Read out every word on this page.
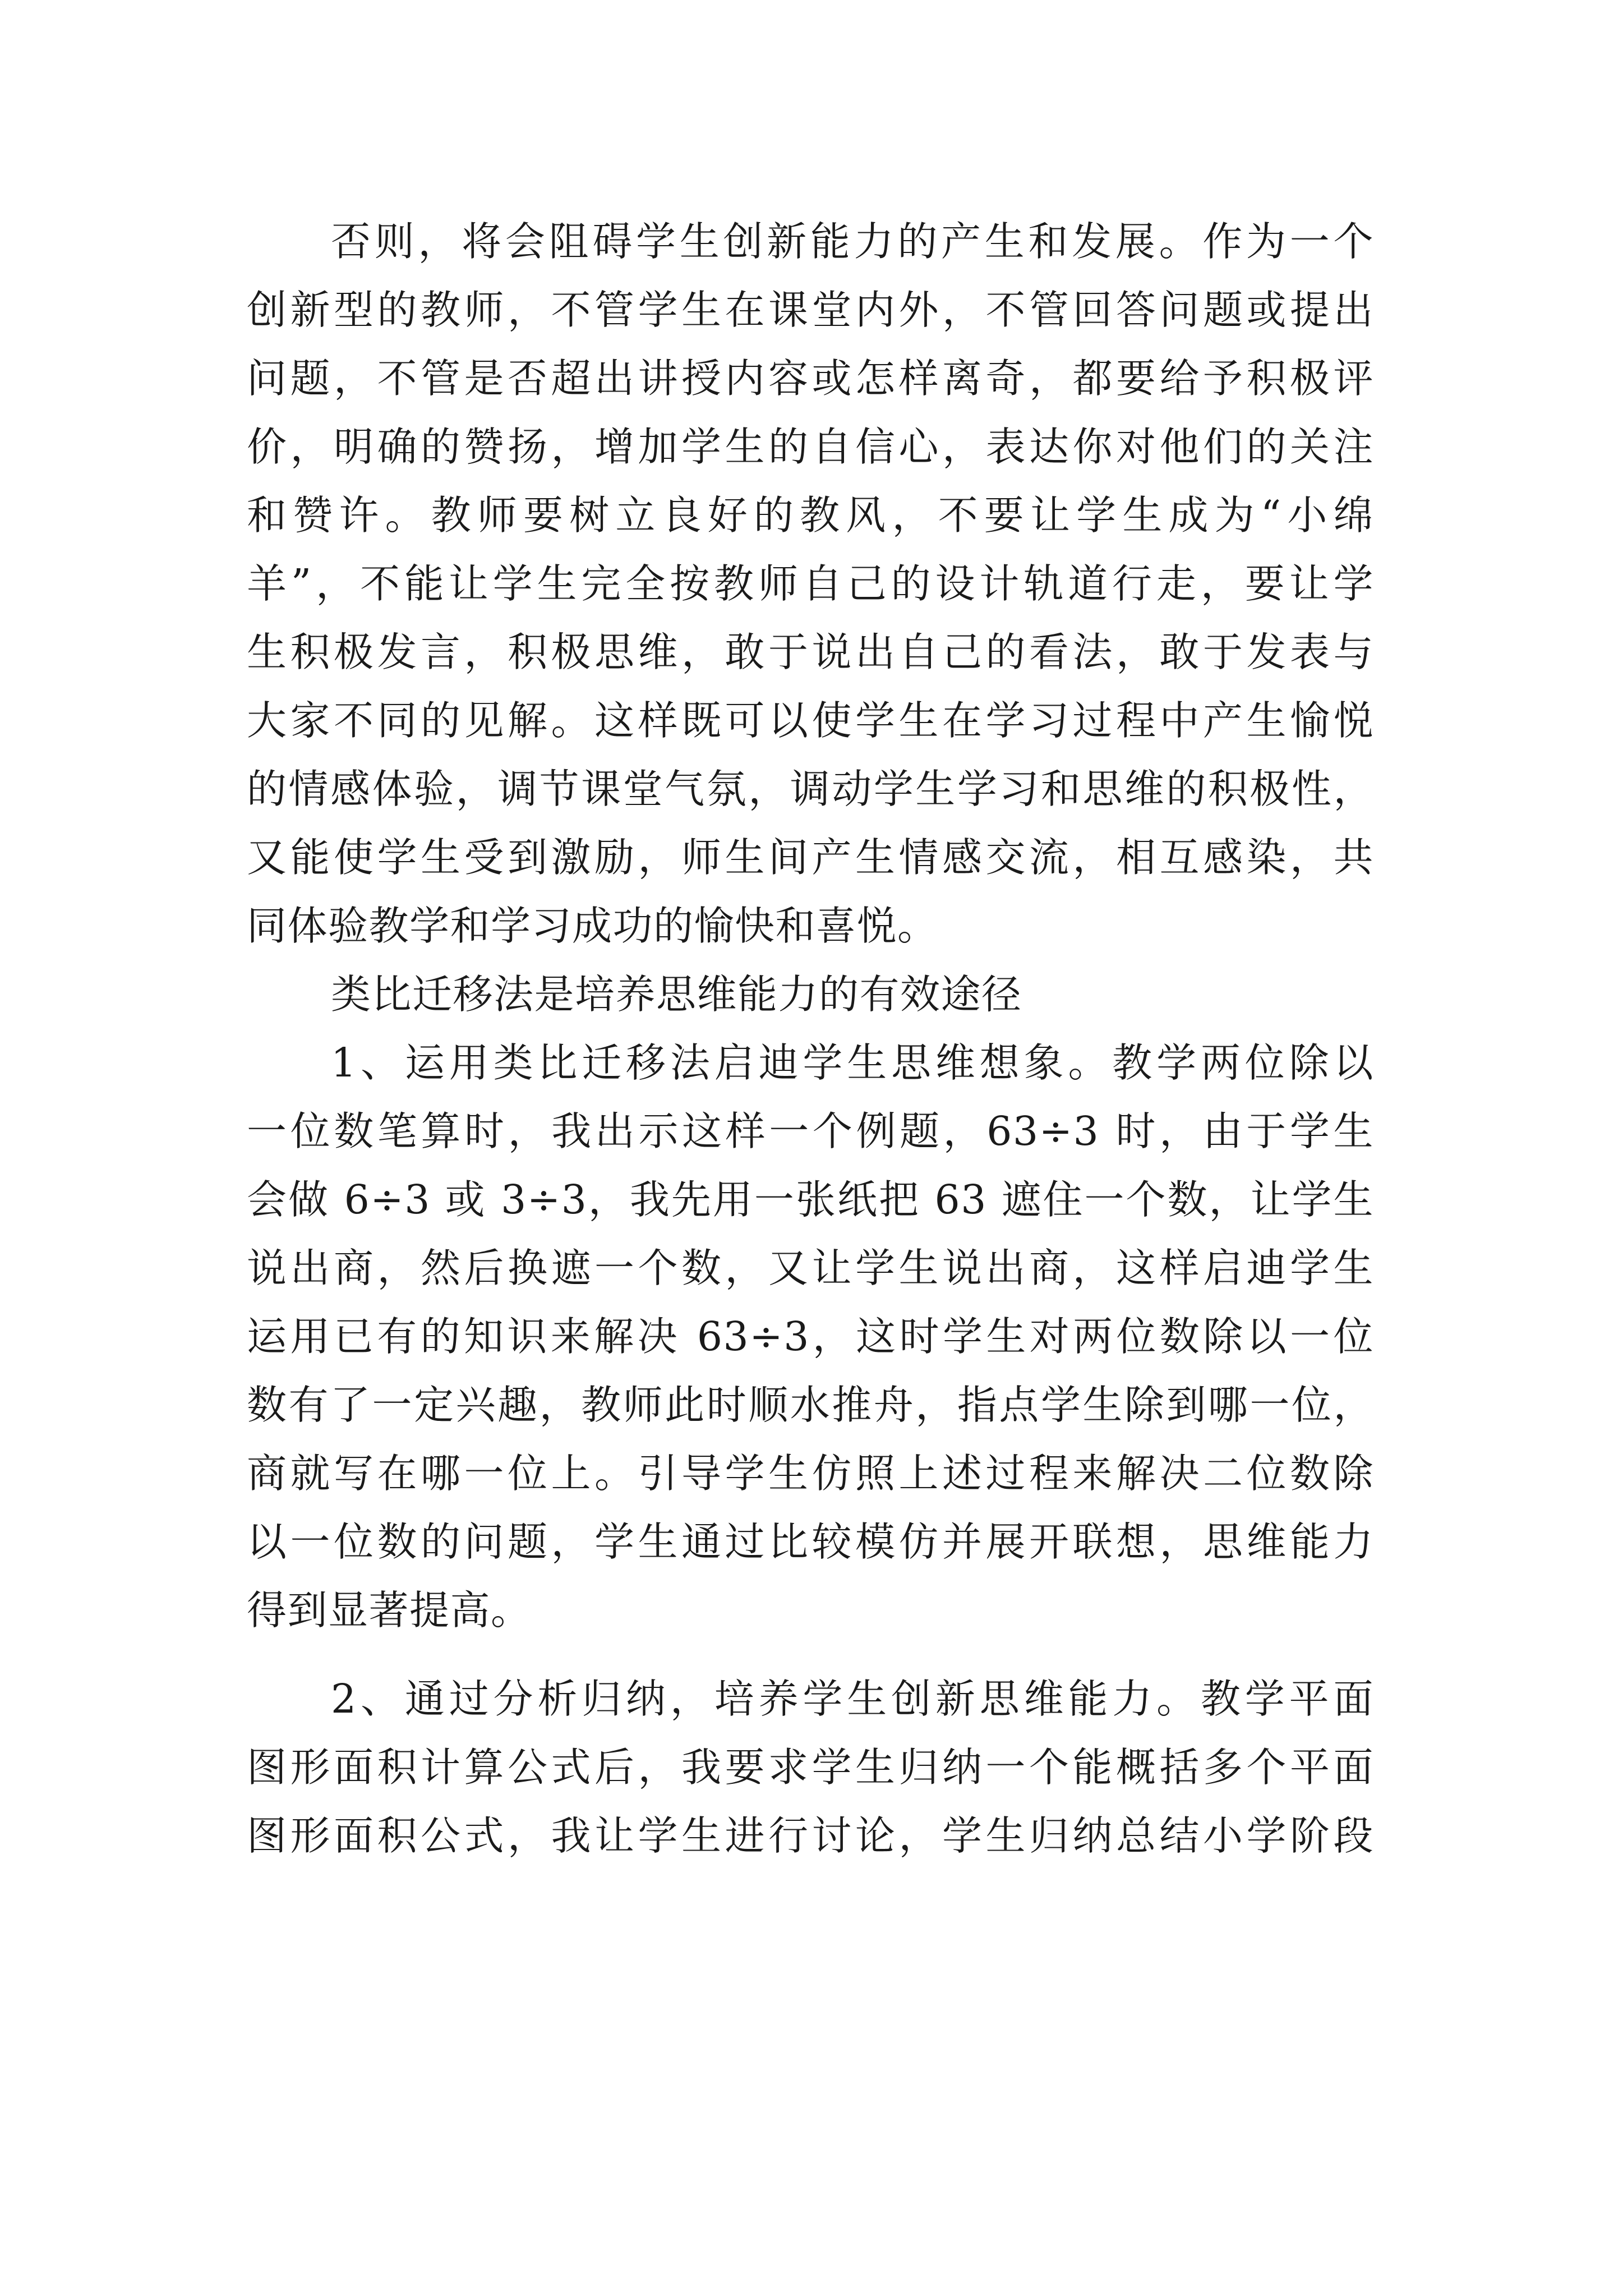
否则，将会阻碍学生创新能力的产生和发展。作为一个
创新型的教师，不管学生在课堂内外，不管回答问题或提出
问题，不管是否超出讲授内容或怎样离奇，都要给予积极评
价，明确的赞扬，增加学生的自信心，表达你对他们的关注
和赞许。教师要树立良好的教风，不要让学生成为“小绵
羊”，不能让学生完全按教师自己的设计轨道行走，要让学
生积极发言，积极思维，敢于说出自己的看法，敢于发表与
大家不同的见解。这样既可以使学生在学习过程中产生愉悦
的情感体验，调节课堂气氛，调动学生学习和思维的积极性，
又能使学生受到激励，师生间产生情感交流，相互感染，共
同体验教学和学习成功的愉快和喜悦。
类比迁移法是培养思维能力的有效途径
1、运用类比迁移法启迪学生思维想象。教学两位除以
一位数笔算时，我出示这样一个例题，63÷3 时，由于学生
会做 6÷3 或 3÷3，我先用一张纸把 63 遮住一个数，让学生
说出商，然后换遮一个数，又让学生说出商，这样启迪学生
运用已有的知识来解决 63÷3，这时学生对两位数除以一位
数有了一定兴趣，教师此时顺水推舟，指点学生除到哪一位，
商就写在哪一位上。引导学生仿照上述过程来解决二位数除
以一位数的问题，学生通过比较模仿并展开联想，思维能力
得到显著提高。
2、通过分析归纳，培养学生创新思维能力。教学平面
图形面积计算公式后，我要求学生归纳一个能概括多个平面
图形面积公式，我让学生进行讨论，学生归纳总结小学阶段
